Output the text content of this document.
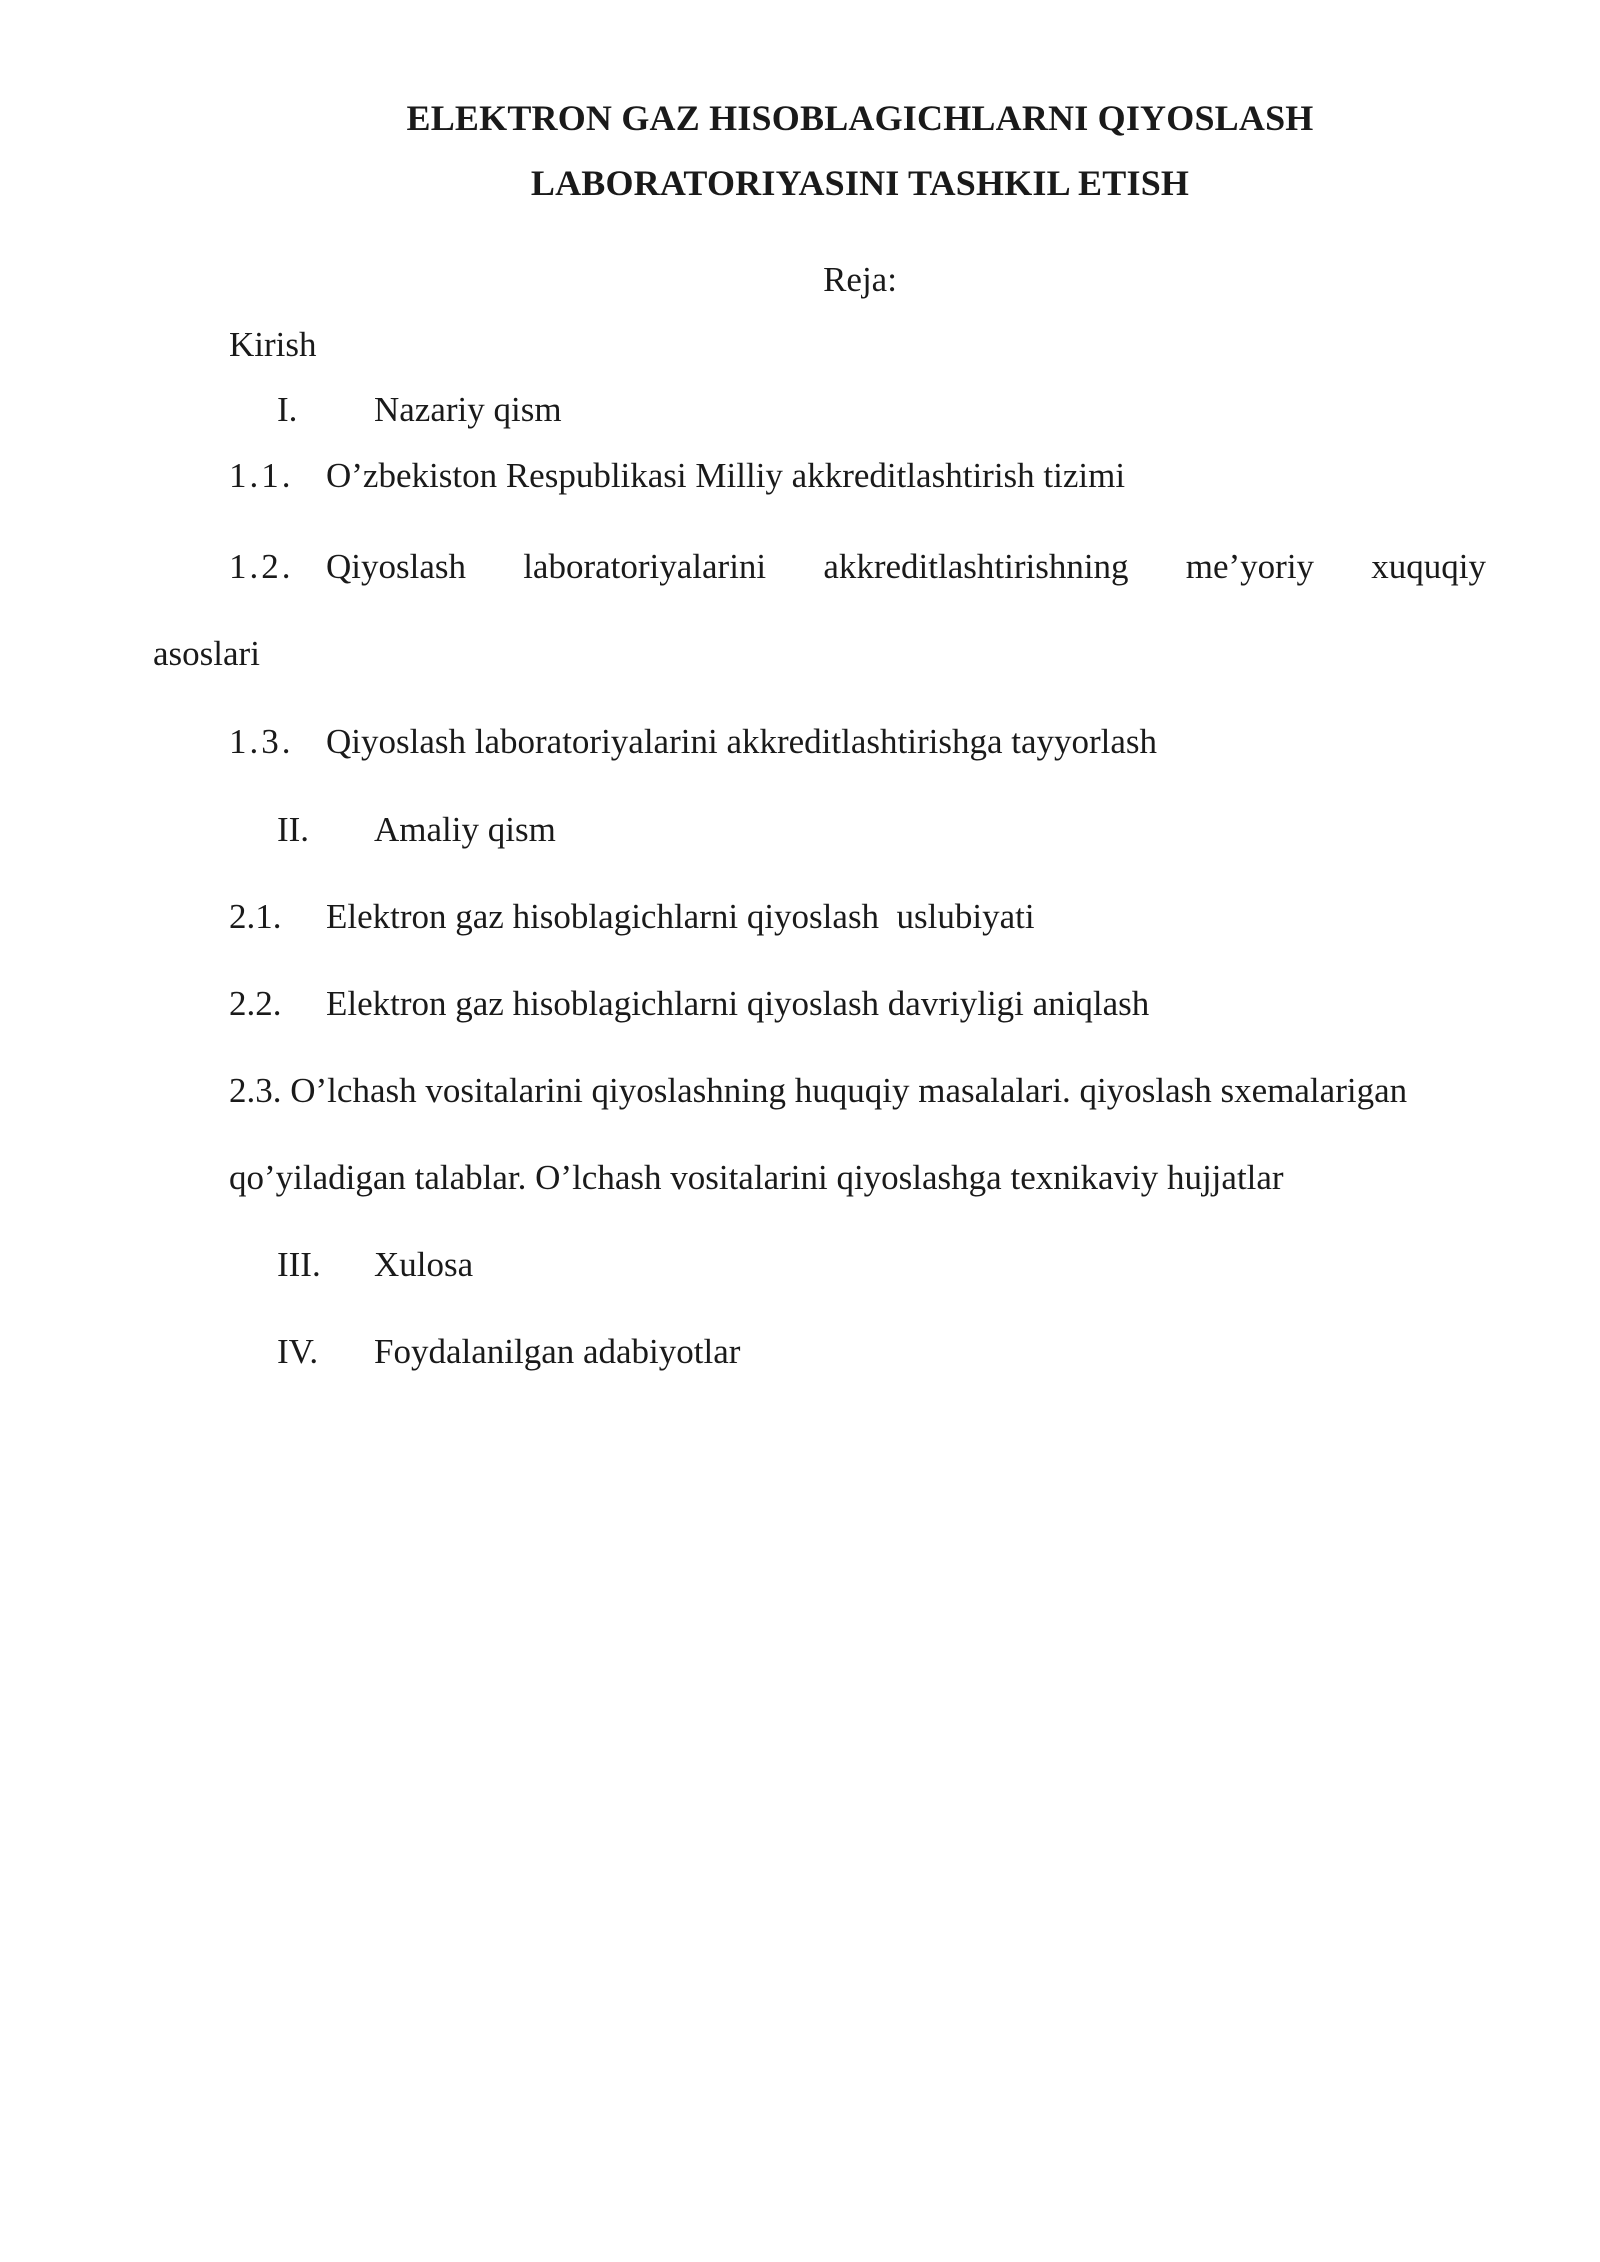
ELEKTRON GAZ HISOBLAGICHLARNI QIYOSLASH
LABORATORIYASINI TASHKIL ETISH
Reja:
Kirish
I. Nazariy qism
1.1. O’zbekiston Respublikasi Milliy akkreditlashtirish tizimi
1.2. Qiyoslash laboratoriyalarini akkreditlashtirishning me’yoriy xuquqiy
asoslari
1.3. Qiyoslash laboratoriyalarini akkreditlashtirishga tayyorlash
II. Amaliy qism
2.1. Elektron gaz hisoblagichlarni qiyoslash  uslubiyati
2.2. Elektron gaz hisoblagichlarni qiyoslash davriyligi aniqlash
2.3. O’lchash vositalarini qiyoslashning huquqiy masalalari. qiyoslash sxemalarigan
qo’yiladigan talablar. O’lchash vositalarini qiyoslashga texnikaviy hujjatlar
III. Xulosa
IV. Foydalanilgan adabiyotlar
